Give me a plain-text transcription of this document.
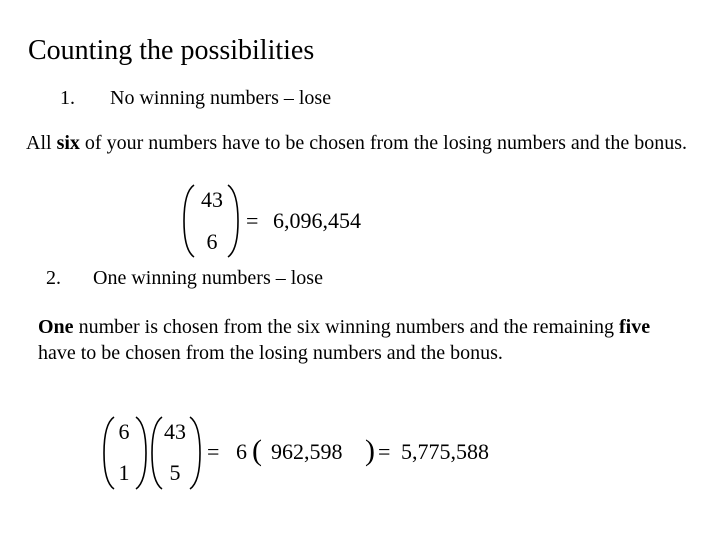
Counting the possibilities
1. No winning numbers – lose
All six of your numbers have to be chosen from the losing numbers and the bonus.
43
6
= 6,096,454
2. One winning numbers – lose
One number is chosen from the six winning numbers and the remaining five have to be chosen from the losing numbers and the bonus.
6
1
43
5
= 6 ( 962,598 ) = 5,775,588
